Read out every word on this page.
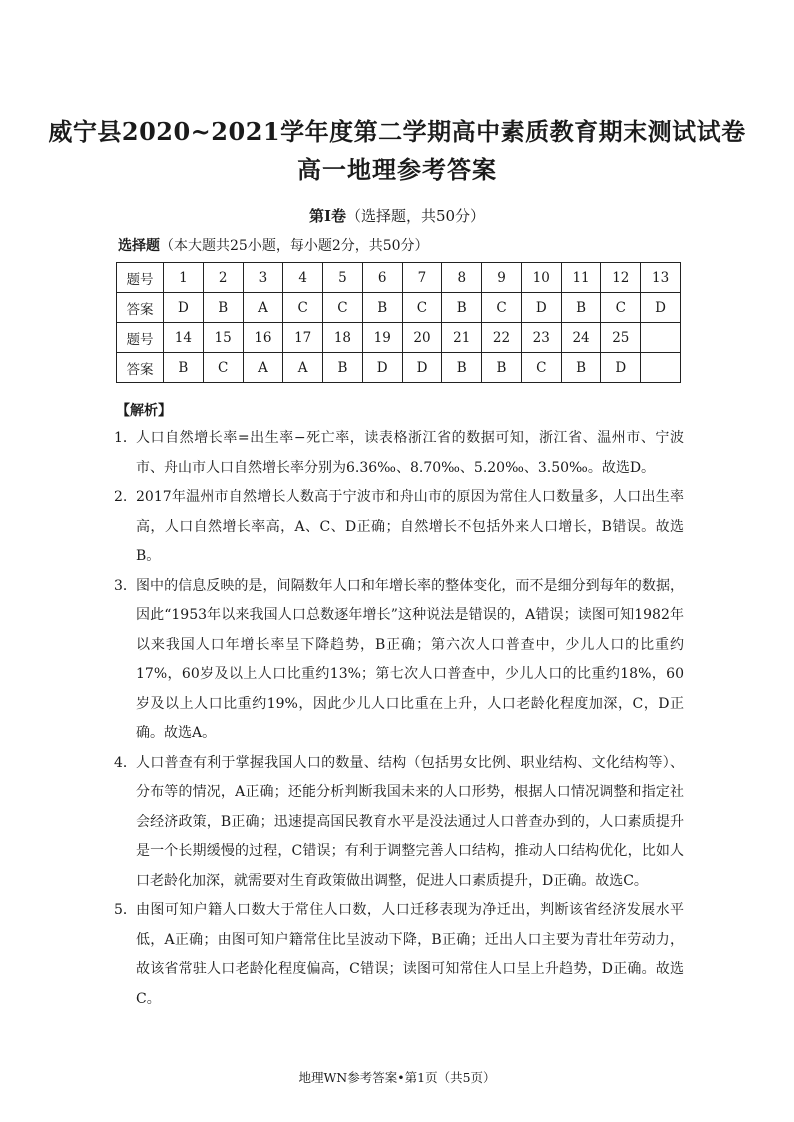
威宁县2020~2021学年度第二学期高中素质教育期末测试试卷
高一地理参考答案
第Ⅰ卷（选择题，共50分）
选择题（本大题共25小题，每小题2分，共50分）
题号	1	2	3	4	5	6	7	8	9	10	11	12	13
答案	D	B	A	C	C	B	C	B	C	D	B	C	D
题号	14	15	16	17	18	19	20	21	22	23	24	25	
答案	B	C	A	A	B	D	D	B	B	C	B	D	
【解析】
1． 人口自然增长率=出生率−死亡率，读表格浙江省的数据可知，浙江省、温州市、宁波市、舟山市人口自然增长率分别为6.36‰、8.70‰、5.20‰、3.50‰。故选D。
2. 2017年温州市自然增长人数高于宁波市和舟山市的原因为常住人口数量多，人口出生率高，人口自然增长率高，A、C、D正确；自然增长不包括外来人口增长，B错误。故选B。
3． 图中的信息反映的是，间隔数年人口和年增长率的整体变化，而不是细分到每年的数据，因此“1953年以来我国人口总数逐年增长”这种说法是错误的，A错误；读图可知1982年以来我国人口年增长率呈下降趋势，B正确；第六次人口普查中，少儿人口的比重约17%，60岁及以上人口比重约13%；第七次人口普查中，少儿人口的比重约18%，60岁及以上人口比重约19%，因此少儿人口比重在上升，人口老龄化程度加深，C，D正确。故选A。
4． 人口普查有利于掌握我国人口的数量、结构（包括男女比例、职业结构、文化结构等）、分布等的情况，A正确；还能分析判断我国未来的人口形势，根据人口情况调整和指定社会经济政策，B正确；迅速提高国民教育水平是没法通过人口普查办到的，人口素质提升是一个长期缓慢的过程，C错误；有利于调整完善人口结构，推动人口结构优化，比如人口老龄化加深，就需要对生育政策做出调整，促进人口素质提升，D正确。故选C。
5． 由图可知户籍人口数大于常住人口数，人口迁移表现为净迁出，判断该省经济发展水平低，A正确；由图可知户籍常住比呈波动下降，B正确；迁出人口主要为青壮年劳动力，故该省常驻人口老龄化程度偏高，C错误；读图可知常住人口呈上升趋势，D正确。故选C。
地理WN参考答案•第1页（共5页）
